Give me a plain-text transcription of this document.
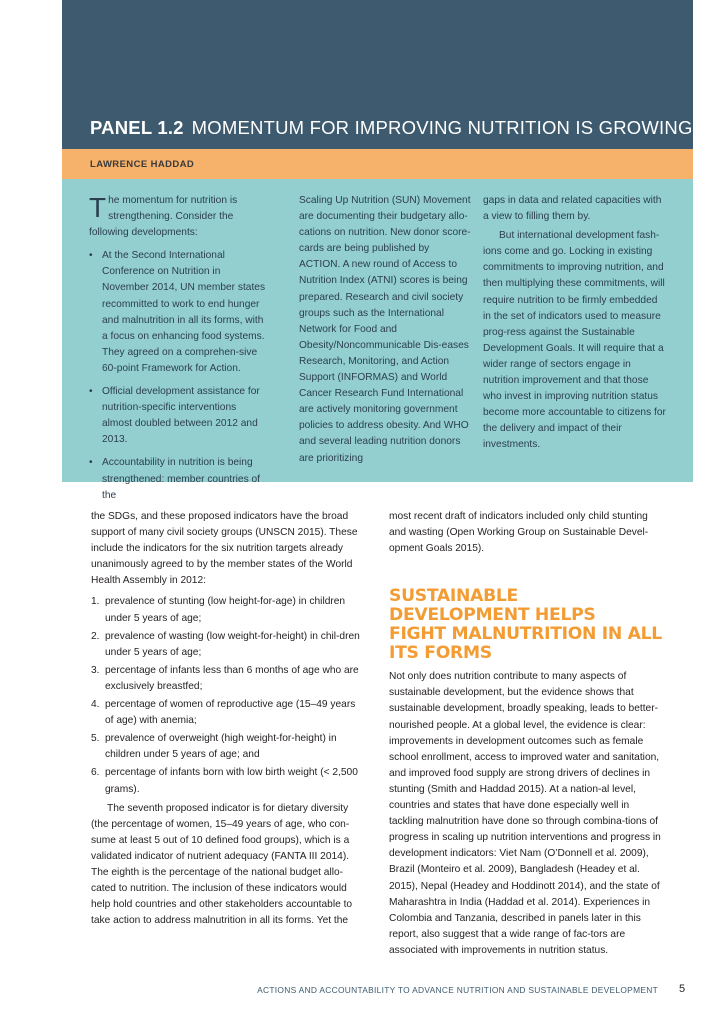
PANEL 1.2 MOMENTUM FOR IMPROVING NUTRITION IS GROWING
LAWRENCE HADDAD

The momentum for nutrition is strengthening. Consider the following developments:

• At the Second International Conference on Nutrition in November 2014, UN member states recommitted to work to end hunger and malnutrition in all its forms, with a focus on enhancing food systems. They agreed on a comprehen-sive 60-point Framework for Action.
• Official development assistance for nutrition-specific interventions almost doubled between 2012 and 2013.
• Accountability in nutrition is being strengthened: member countries of the

Scaling Up Nutrition (SUN) Movement are documenting their budgetary allo-cations on nutrition. New donor score-cards are being published by ACTION. A new round of Access to Nutrition Index (ATNI) scores is being prepared. Research and civil society groups such as the International Network for Food and Obesity/Noncommunicable Dis-eases Research, Monitoring, and Action Support (INFORMAS) and World Cancer Research Fund International are actively monitoring government policies to address obesity. And WHO and several leading nutrition donors are prioritizing

gaps in data and related capacities with a view to filling them by.

But international development fash-ions come and go. Locking in existing commitments to improving nutrition, and then multiplying these commitments, will require nutrition to be firmly embedded in the set of indicators used to measure prog-ress against the Sustainable Development Goals. It will require that a wider range of sectors engage in nutrition improvement and that those who invest in improving nutrition status become more accountable to citizens for the delivery and impact of their investments.

the SDGs, and these proposed indicators have the broad support of many civil society groups (UNSCN 2015). These include the indicators for the six nutrition targets already unanimously agreed to by the member states of the World Health Assembly in 2012:

1. prevalence of stunting (low height-for-age) in children under 5 years of age;
2. prevalence of wasting (low weight-for-height) in chil-dren under 5 years of age;
3. percentage of infants less than 6 months of age who are exclusively breastfed;
4. percentage of women of reproductive age (15–49 years of age) with anemia;
5. prevalence of overweight (high weight-for-height) in children under 5 years of age; and
6. percentage of infants born with low birth weight (< 2,500 grams).

The seventh proposed indicator is for dietary diversity (the percentage of women, 15–49 years of age, who con-sume at least 5 out of 10 defined food groups), which is a validated indicator of nutrient adequacy (FANTA III 2014). The eighth is the percentage of the national budget allo-cated to nutrition. The inclusion of these indicators would help hold countries and other stakeholders accountable to take action to address malnutrition in all its forms. Yet the

most recent draft of indicators included only child stunting and wasting (Open Working Group on Sustainable Devel-opment Goals 2015).

SUSTAINABLE DEVELOPMENT HELPS
FIGHT MALNUTRITION IN ALL ITS FORMS

Not only does nutrition contribute to many aspects of sustainable development, but the evidence shows that sustainable development, broadly speaking, leads to better-nourished people. At a global level, the evidence is clear: improvements in development outcomes such as female school enrollment, access to improved water and sanitation, and improved food supply are strong drivers of declines in stunting (Smith and Haddad 2015). At a nation-al level, countries and states that have done especially well in tackling malnutrition have done so through combina-tions of progress in scaling up nutrition interventions and progress in development indicators: Viet Nam (O’Donnell et al. 2009), Brazil (Monteiro et al. 2009), Bangladesh (Headey et al. 2015), Nepal (Headey and Hoddinott 2014), and the state of Maharashtra in India (Haddad et al. 2014). Experiences in Colombia and Tanzania, described in panels later in this report, also suggest that a wide range of fac-tors are associated with improvements in nutrition status.

ACTIONS AND ACCOUNTABILITY TO ADVANCE NUTRITION AND SUSTAINABLE DEVELOPMENT 5
